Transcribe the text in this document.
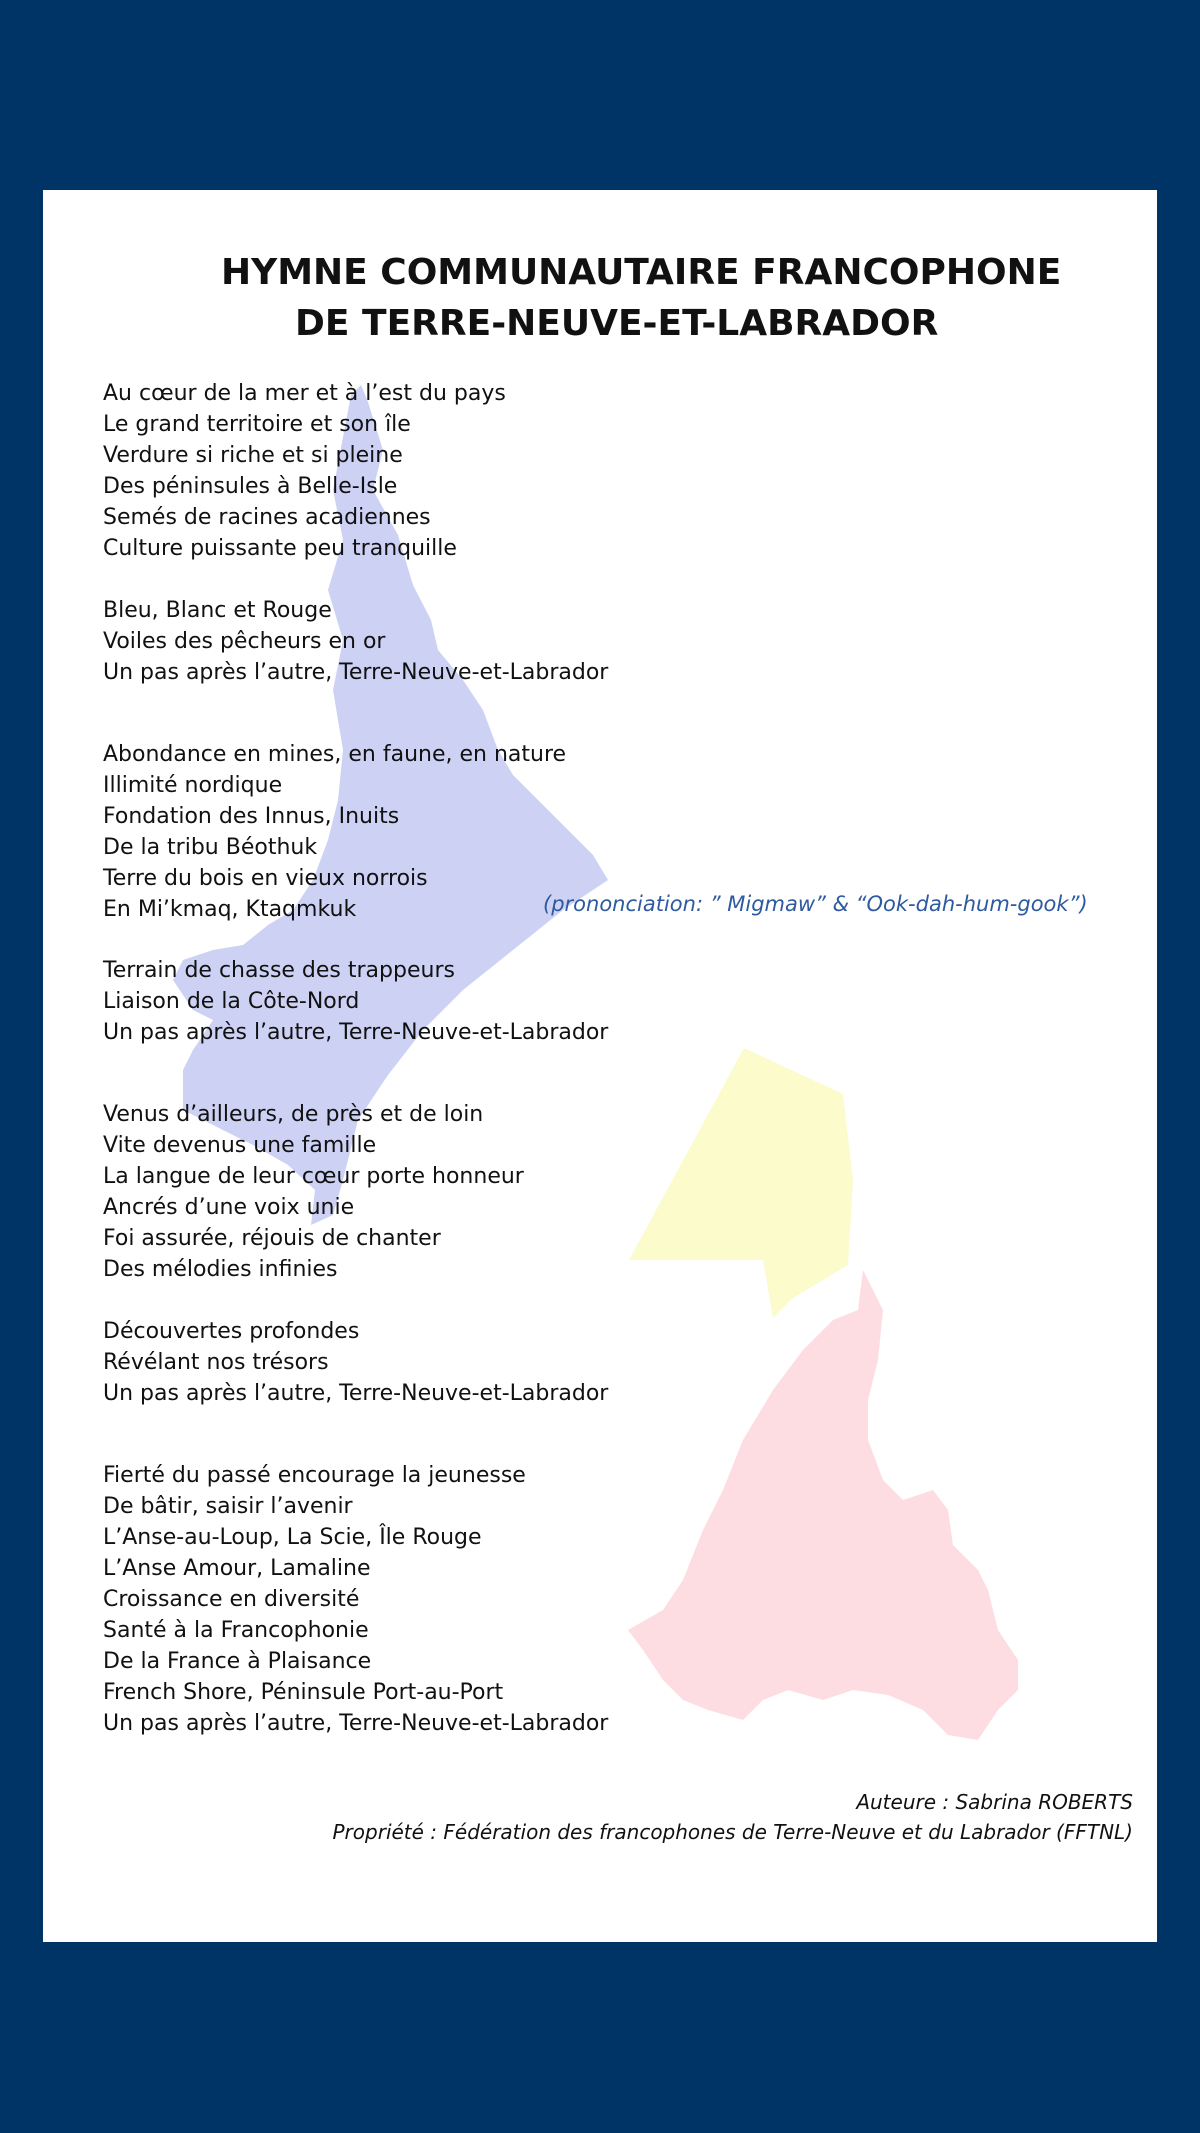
HYMNE COMMUNAUTAIRE FRANCOPHONE
DE TERRE-NEUVE-ET-LABRADOR
Au cœur de la mer et à l’est du pays
Le grand territoire et son île
Verdure si riche et si pleine
Des péninsules à Belle-Isle
Semés de racines acadiennes
Culture puissante peu tranquille
Bleu, Blanc et Rouge
Voiles des pêcheurs en or
Un pas après l’autre, Terre-Neuve-et-Labrador
Abondance en mines, en faune, en nature
Illimité nordique
Fondation des Innus, Inuits
De la tribu Béothuk
Terre du bois en vieux norrois
En Mi’kmaq, Ktaqmkuk	(prononciation: ” Migmaw” & “Ook-dah-hum-gook”)
Terrain de chasse des trappeurs
Liaison de la Côte-Nord
Un pas après l’autre, Terre-Neuve-et-Labrador
Venus d’ailleurs, de près et de loin
Vite devenus une famille
La langue de leur cœur porte honneur
Ancrés d’une voix unie
Foi assurée, réjouis de chanter
Des mélodies infinies
Découvertes profondes
Révélant nos trésors
Un pas après l’autre, Terre-Neuve-et-Labrador
Fierté du passé encourage la jeunesse
De bâtir, saisir l’avenir
L’Anse-au-Loup, La Scie, Île Rouge
L’Anse Amour, Lamaline
Croissance en diversité
Santé à la Francophonie
De la France à Plaisance
French Shore, Péninsule Port-au-Port
Un pas après l’autre, Terre-Neuve-et-Labrador
Auteure : Sabrina ROBERTS
Propriété : Fédération des francophones de Terre-Neuve et du Labrador (FFTNL)
